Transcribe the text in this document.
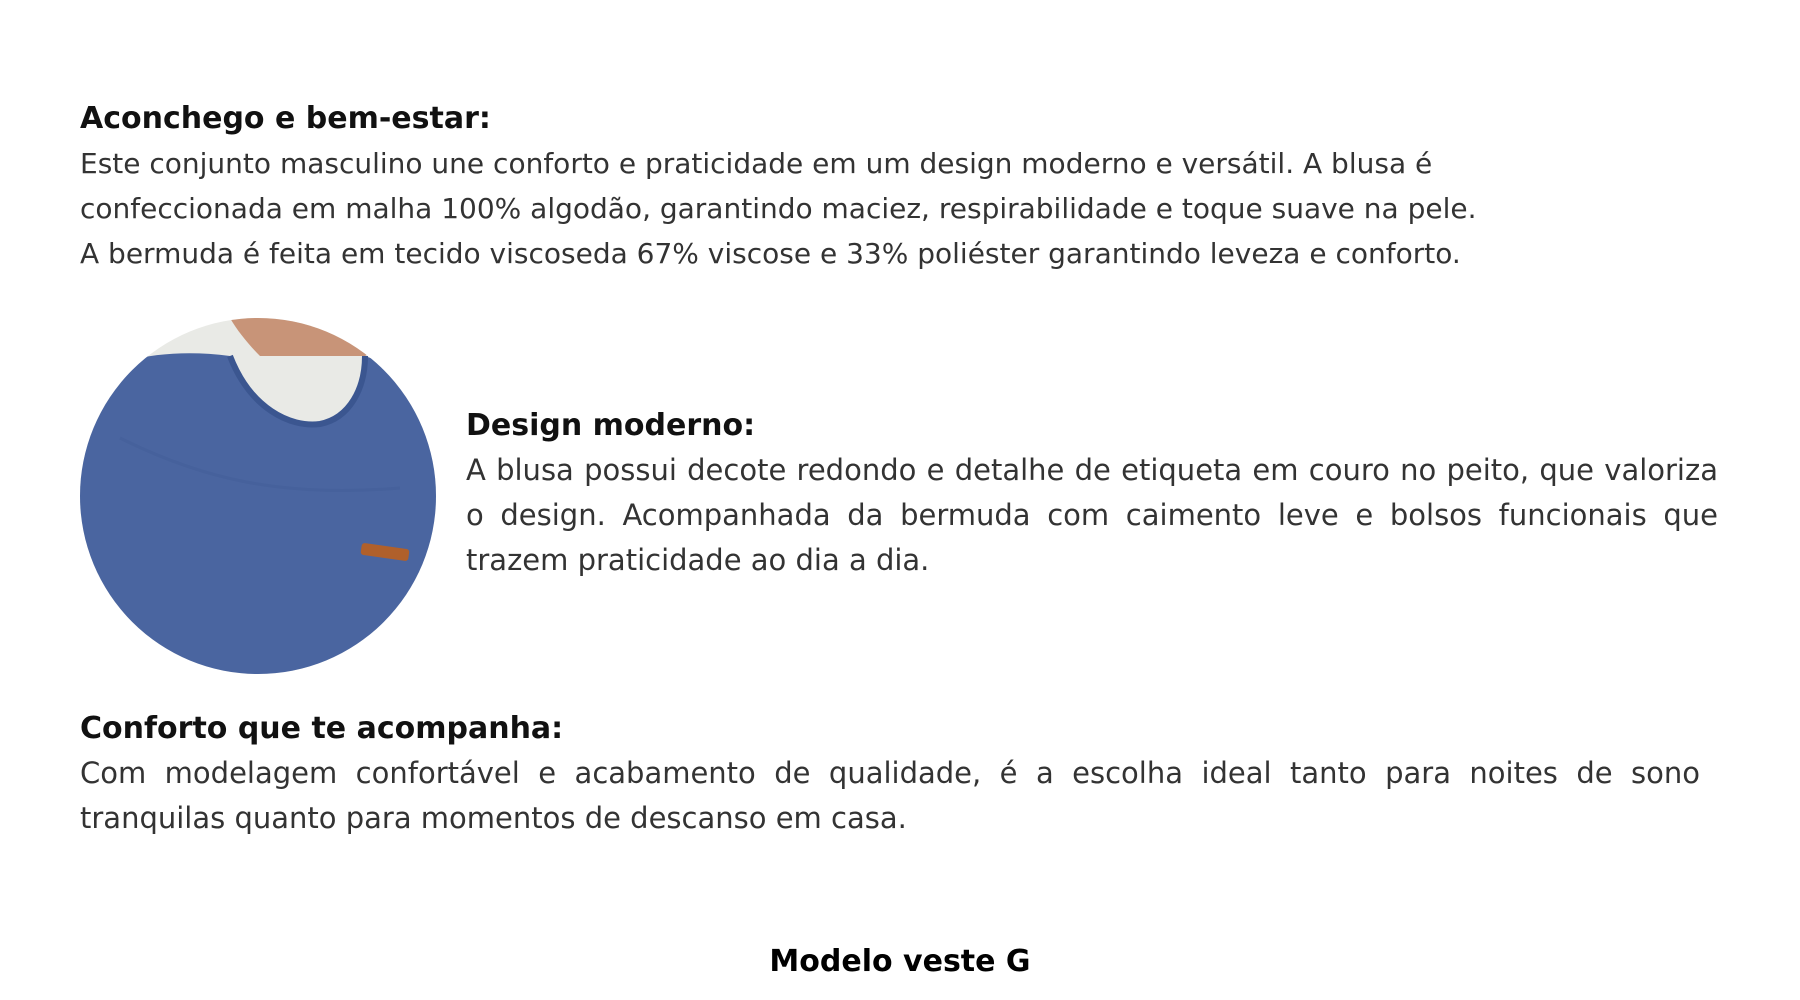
Aconchego e bem-estar:
Este conjunto masculino une conforto e praticidade em um design moderno e versátil. A blusa é
confeccionada em malha 100% algodão, garantindo maciez, respirabilidade e toque suave na pele.
A bermuda é feita em tecido viscoseda 67% viscose e 33% poliéster garantindo leveza e conforto.
Design moderno:
A blusa possui decote redondo e detalhe de etiqueta em couro no peito, que valoriza o design. Acompanhada da bermuda com caimento leve e bolsos funcionais que trazem praticidade ao dia a dia.
Conforto que te acompanha:
Com modelagem confortável e acabamento de qualidade, é a escolha ideal tanto para noites de sono tranquilas quanto para momentos de descanso em casa.
Modelo veste G
